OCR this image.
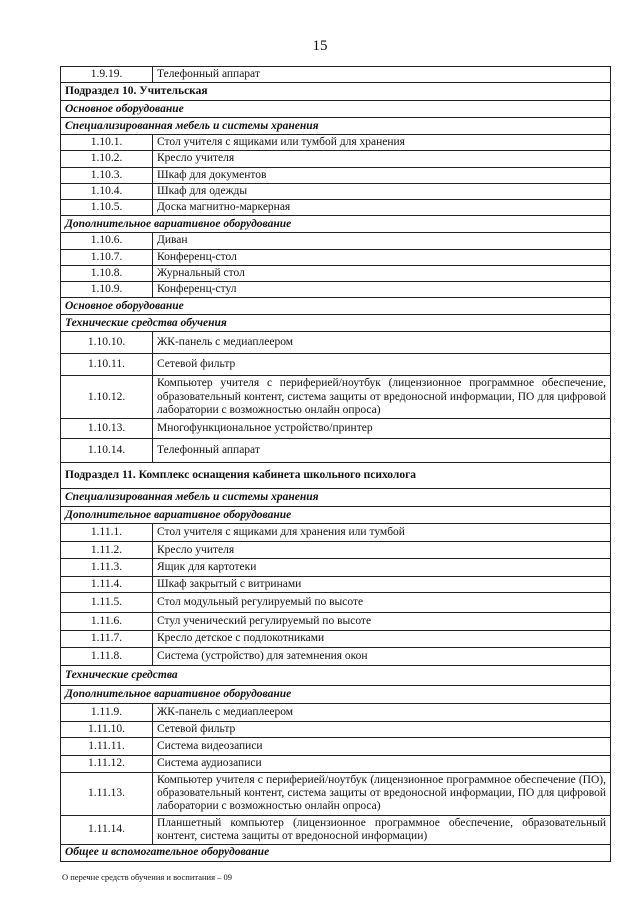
15
1.9.19.	Телефонный аппарат
Подраздел 10. Учительская	
Основное оборудование	
Специализированная мебель и системы хранения	
1.10.1.	Стол учителя с ящиками или тумбой для хранения
1.10.2.	Кресло учителя
1.10.3.	Шкаф для документов
1.10.4.	Шкаф для одежды
1.10.5.	Доска магнитно-маркерная
Дополнительное вариативное оборудование	
1.10.6.	Диван
1.10.7.	Конференц-стол
1.10.8.	Журнальный стол
1.10.9.	Конференц-стул
Основное оборудование	
Технические средства обучения	
1.10.10.	ЖК-панель с медиаплеером
1.10.11.	Сетевой фильтр
1.10.12.	Компьютер учителя с периферией/ноутбук (лицензионное программное обеспечение, образовательный контент, система защиты от вредоносной информации, ПО для цифровой лаборатории с возможностью онлайн опроса)
1.10.13.	Многофункциональное устройство/принтер
1.10.14.	Телефонный аппарат
Подраздел 11. Комплекс оснащения кабинета школьного психолога	
Специализированная мебель и системы хранения	
Дополнительное вариативное оборудование	
1.11.1.	Стол учителя с ящиками для хранения или тумбой
1.11.2.	Кресло учителя
1.11.3.	Ящик для картотеки
1.11.4.	Шкаф закрытый с витринами
1.11.5.	Стол модульный регулируемый по высоте
1.11.6.	Стул ученический регулируемый по высоте
1.11.7.	Кресло детское с подлокотниками
1.11.8.	Система (устройство) для затемнения окон
Технические средства	
Дополнительное вариативное оборудование	
1.11.9.	ЖК-панель с медиаплеером
1.11.10.	Сетевой фильтр
1.11.11.	Система видеозаписи
1.11.12.	Система аудиозаписи
1.11.13.	Компьютер учителя с периферией/ноутбук (лицензионное программное обеспечение (ПО), образовательный контент, система защиты от вредоносной информации, ПО для цифровой лаборатории с возможностью онлайн опроса)
1.11.14.	Планшетный компьютер (лицензионное программное обеспечение, образовательный контент, система защиты от вредоносной информации)
Общее и вспомогательное оборудование	
О перечне средств обучения и воспитания – 09
